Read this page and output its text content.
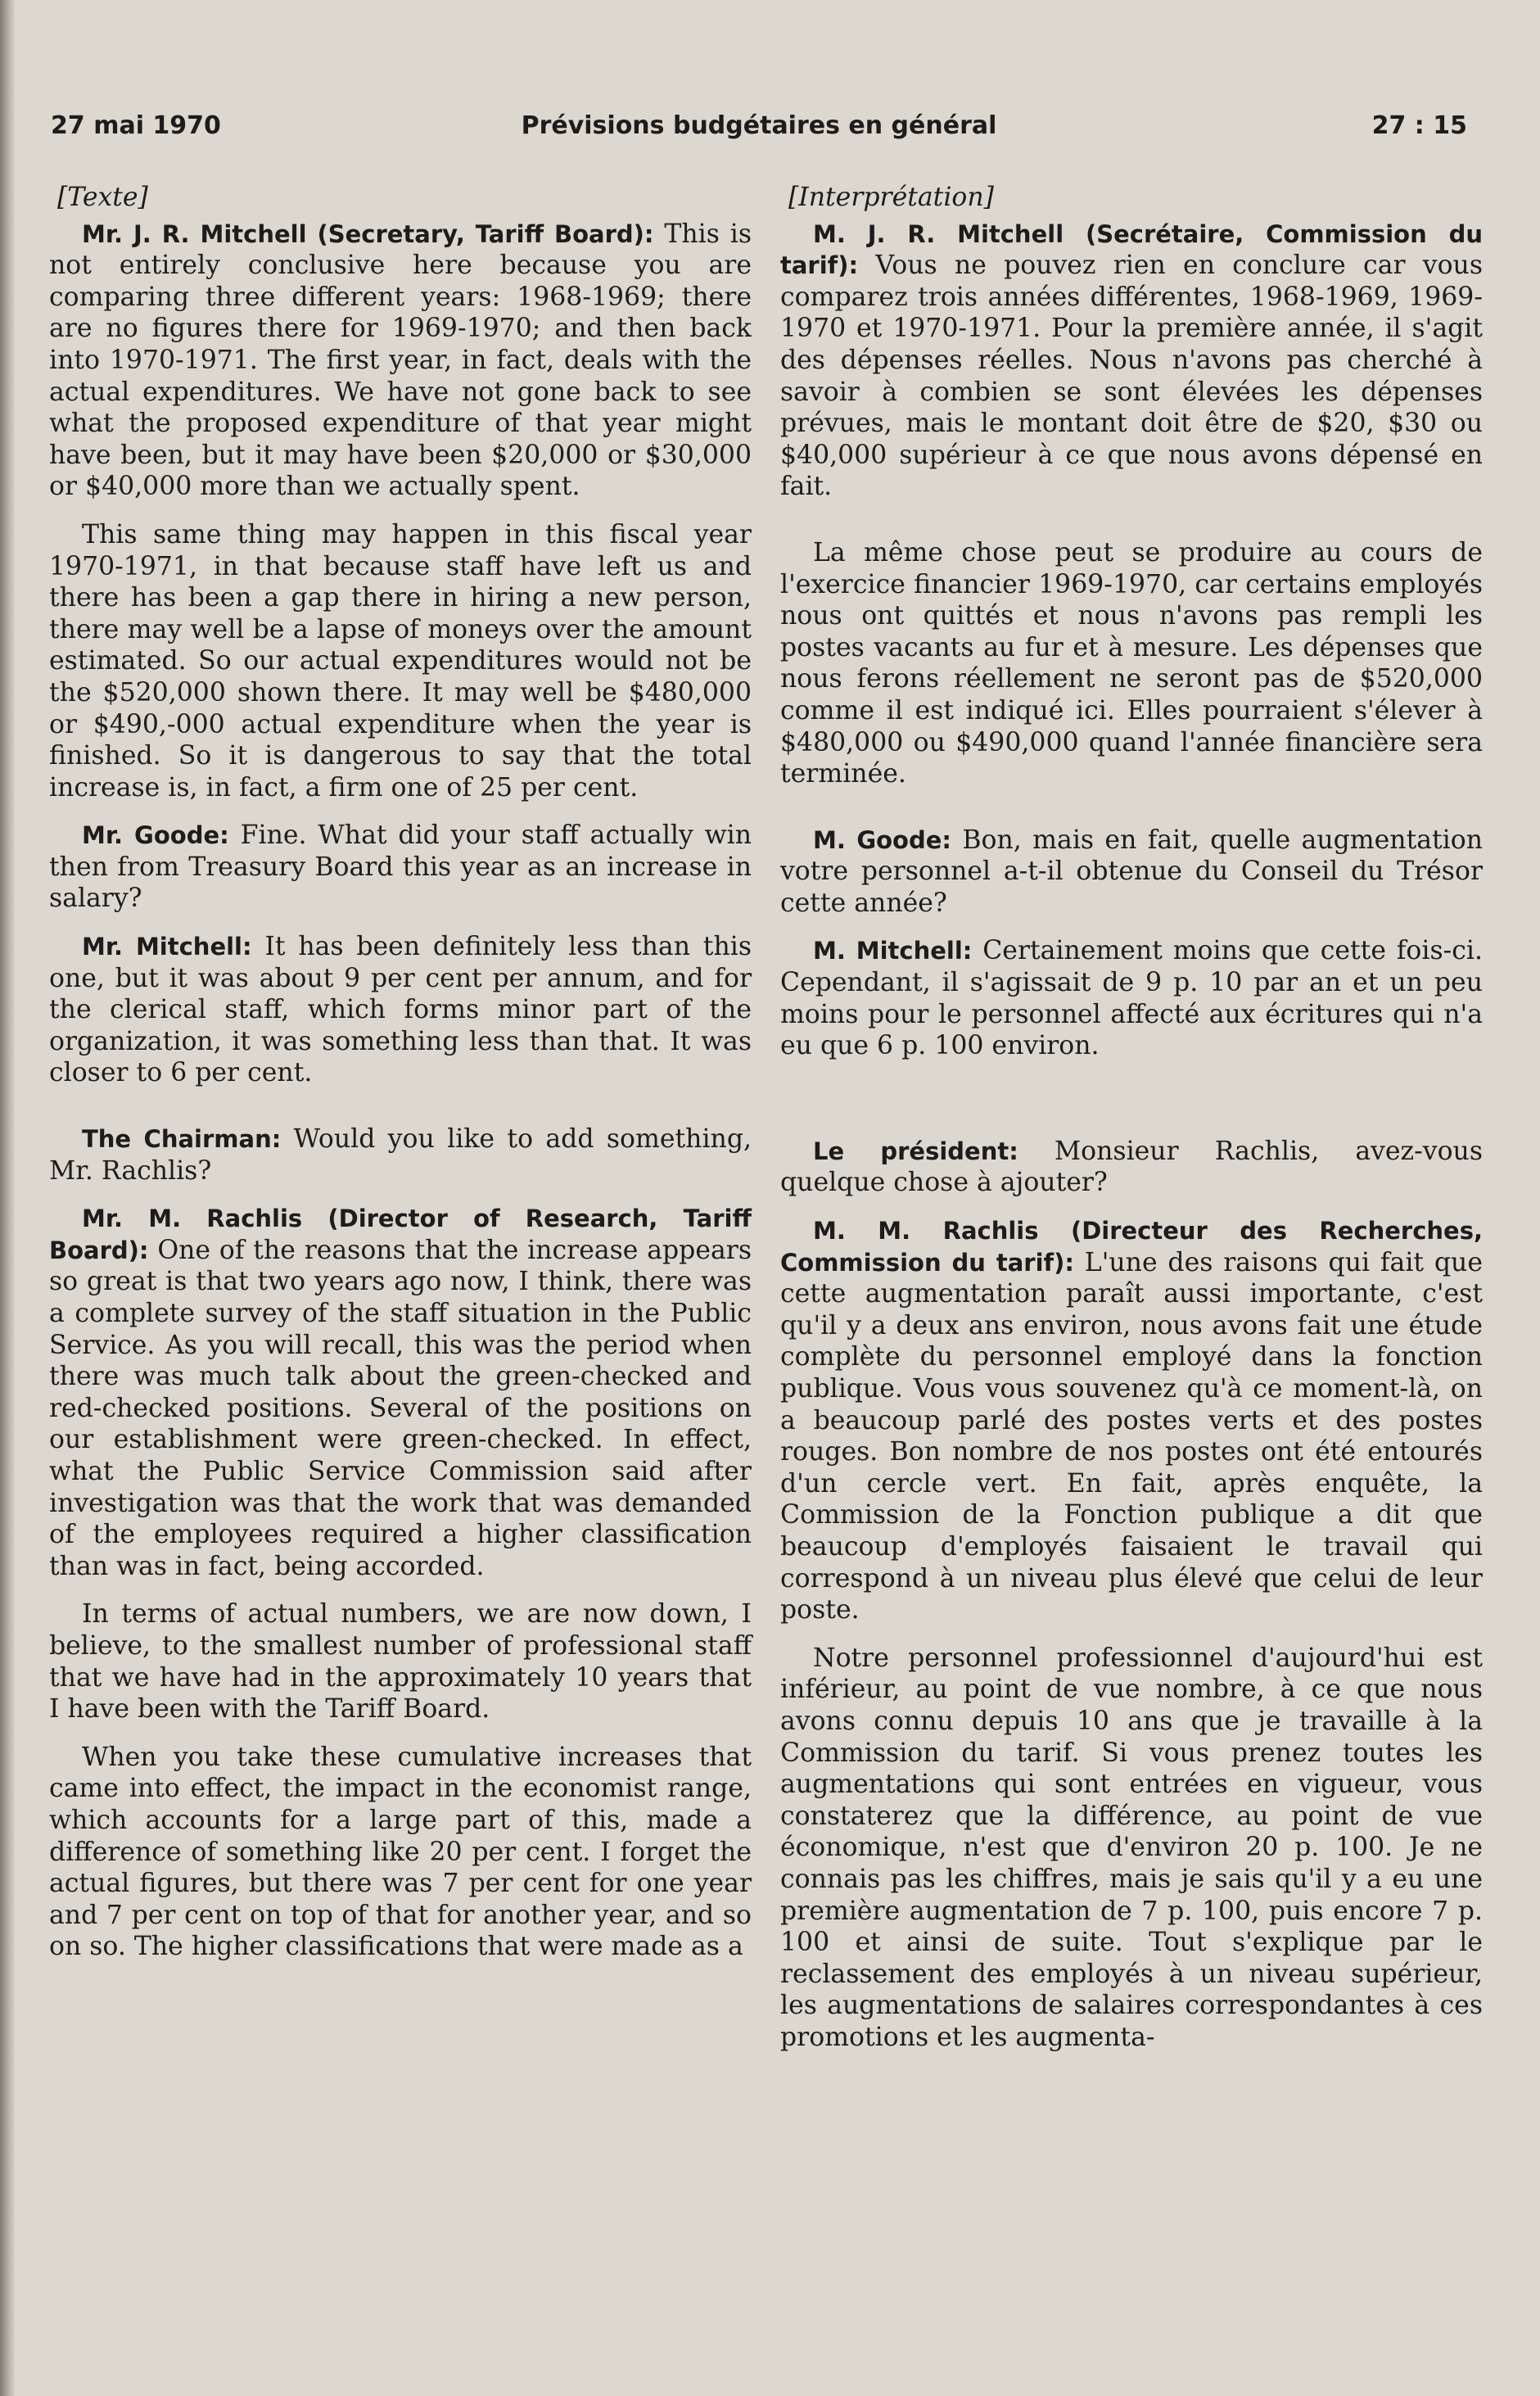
27 mai 1970	Prévisions budgétaires en général	27 : 15
[Texte]

Mr. J. R. Mitchell (Secretary, Tariff Board): This is not entirely conclusive here because you are comparing three different years: 1968-1969; there are no figures there for 1969-1970; and then back into 1970-1971. The first year, in fact, deals with the actual expenditures. We have not gone back to see what the proposed expenditure of that year might have been, but it may have been $20,000 or $30,000 or $40,000 more than we actually spent.

This same thing may happen in this fiscal year 1970-1971, in that because staff have left us and there has been a gap there in hiring a new person, there may well be a lapse of moneys over the amount estimated. So our actual expenditures would not be the $520,000 shown there. It may well be $480,000 or $490,-000 actual expenditure when the year is finished. So it is dangerous to say that the total increase is, in fact, a firm one of 25 per cent.

Mr. Goode: Fine. What did your staff actually win then from Treasury Board this year as an increase in salary?

Mr. Mitchell: It has been definitely less than this one, but it was about 9 per cent per annum, and for the clerical staff, which forms minor part of the organization, it was something less than that. It was closer to 6 per cent.

The Chairman: Would you like to add something, Mr. Rachlis?

Mr. M. Rachlis (Director of Research, Tariff Board): One of the reasons that the increase appears so great is that two years ago now, I think, there was a complete survey of the staff situation in the Public Service. As you will recall, this was the period when there was much talk about the green-checked and red-checked positions. Several of the positions on our establishment were green-checked. In effect, what the Public Service Commission said after investigation was that the work that was demanded of the employees required a higher classification than was in fact, being accorded.

In terms of actual numbers, we are now down, I believe, to the smallest number of professional staff that we have had in the approximately 10 years that I have been with the Tariff Board.

When you take these cumulative increases that came into effect, the impact in the economist range, which accounts for a large part of this, made a difference of something like 20 per cent. I forget the actual figures, but there was 7 per cent for one year and 7 per cent on top of that for another year, and so on so. The higher classifications that were made as a

[Interprétation]

M. J. R. Mitchell (Secrétaire, Commission du tarif): Vous ne pouvez rien en conclure car vous comparez trois années différentes, 1968-1969, 1969-1970 et 1970-1971. Pour la première année, il s'agit des dépenses réelles. Nous n'avons pas cherché à savoir à combien se sont élevées les dépenses prévues, mais le montant doit être de $20, $30 ou $40,000 supérieur à ce que nous avons dépensé en fait.

La même chose peut se produire au cours de l'exercice financier 1969-1970, car certains employés nous ont quittés et nous n'avons pas rempli les postes vacants au fur et à mesure. Les dépenses que nous ferons réellement ne seront pas de $520,000 comme il est indiqué ici. Elles pourraient s'élever à $480,000 ou $490,000 quand l'année financière sera terminée.

M. Goode: Bon, mais en fait, quelle augmentation votre personnel a-t-il obtenue du Conseil du Trésor cette année?

M. Mitchell: Certainement moins que cette fois-ci. Cependant, il s'agissait de 9 p. 10 par an et un peu moins pour le personnel affecté aux écritures qui n'a eu que 6 p. 100 environ.

Le président: Monsieur Rachlis, avez-vous quelque chose à ajouter?

M. M. Rachlis (Directeur des Recherches, Commission du tarif): L'une des raisons qui fait que cette augmentation paraît aussi importante, c'est qu'il y a deux ans environ, nous avons fait une étude complète du personnel employé dans la fonction publique. Vous vous souvenez qu'à ce moment-là, on a beaucoup parlé des postes verts et des postes rouges. Bon nombre de nos postes ont été entourés d'un cercle vert. En fait, après enquête, la Commission de la Fonction publique a dit que beaucoup d'employés faisaient le travail qui correspond à un niveau plus élevé que celui de leur poste.

Notre personnel professionnel d'aujourd'hui est inférieur, au point de vue nombre, à ce que nous avons connu depuis 10 ans que je travaille à la Commission du tarif. Si vous prenez toutes les augmentations qui sont entrées en vigueur, vous constaterez que la différence, au point de vue économique, n'est que d'environ 20 p. 100. Je ne connais pas les chiffres, mais je sais qu'il y a eu une première augmentation de 7 p. 100, puis encore 7 p. 100 et ainsi de suite. Tout s'explique par le reclassement des employés à un niveau supérieur, les augmentations de salaires correspondantes à ces promotions et les augmenta-
